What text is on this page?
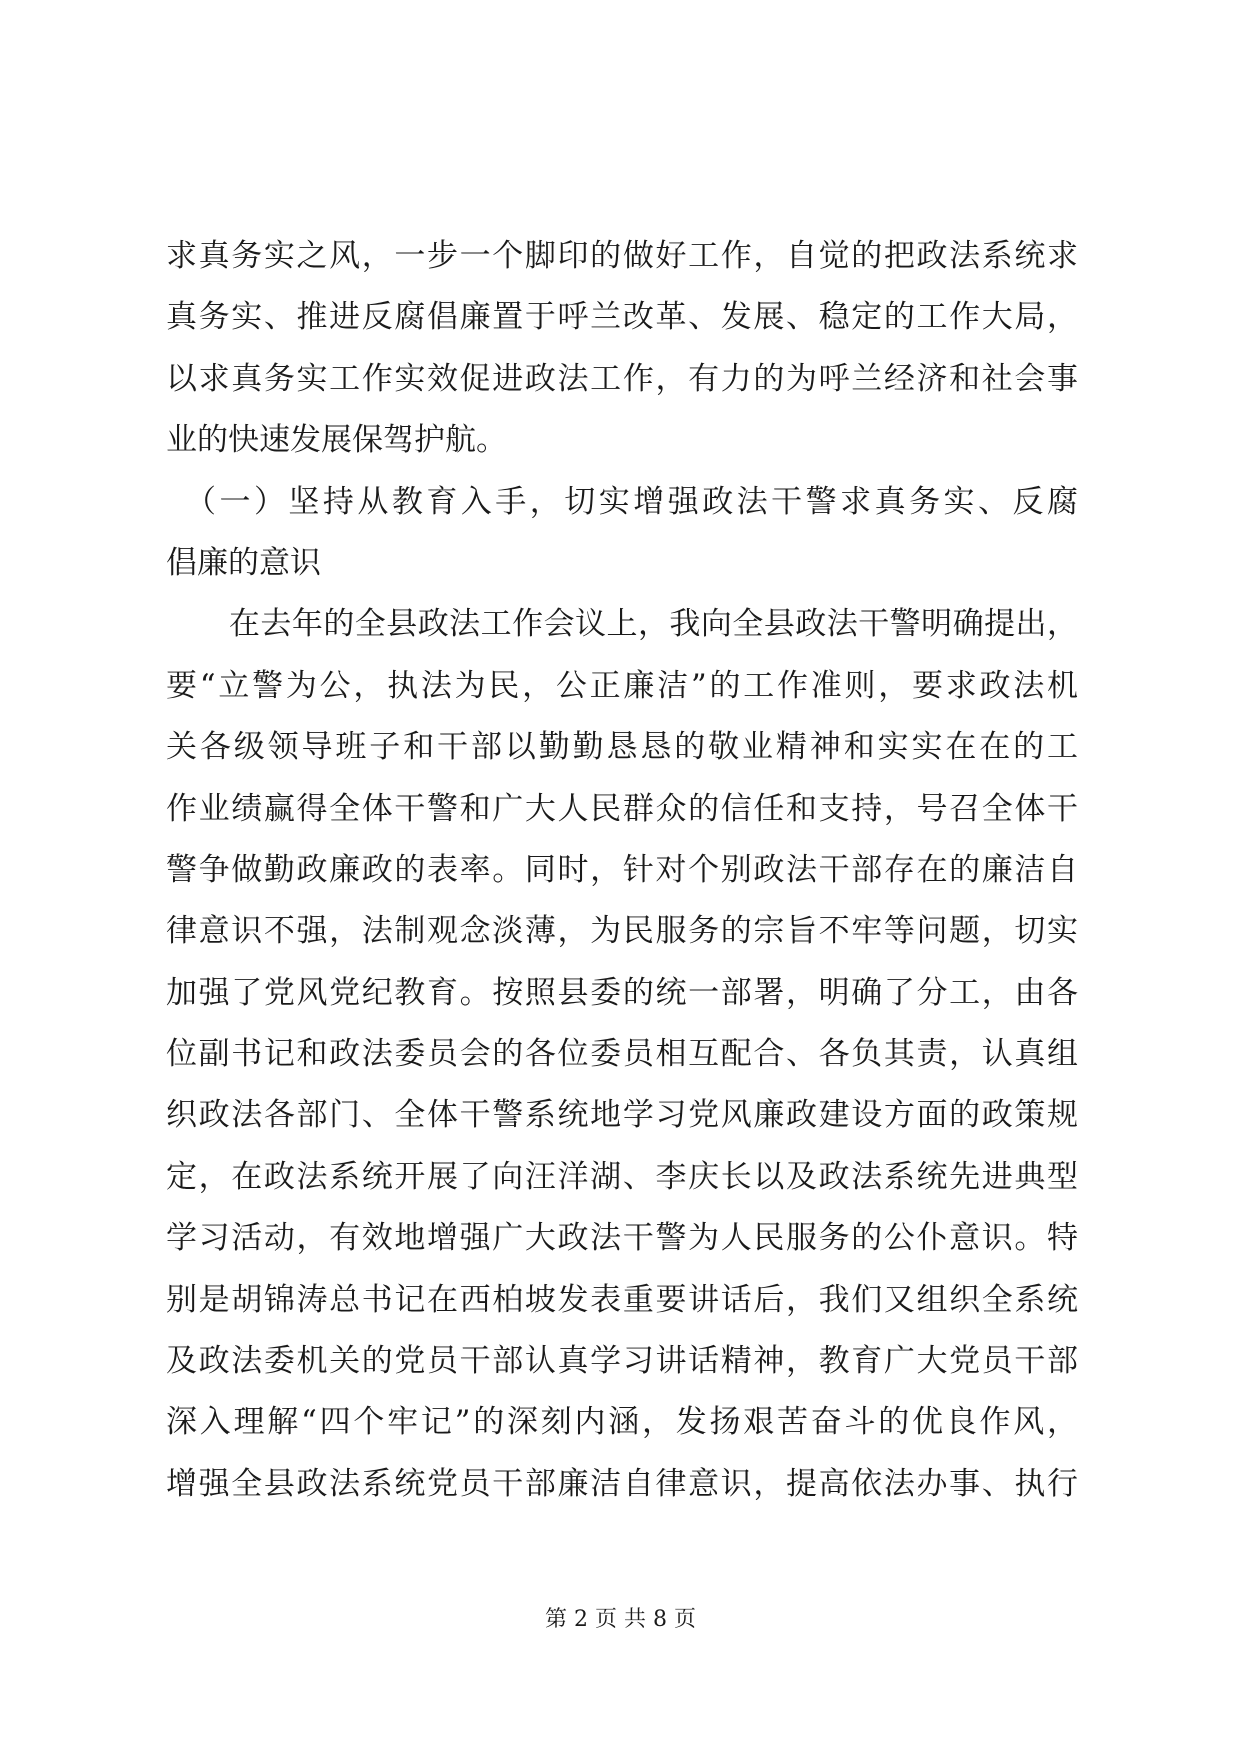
求真务实之风，一步一个脚印的做好工作，自觉的把政法系统求
真务实、推进反腐倡廉置于呼兰改革、发展、稳定的工作大局，
以求真务实工作实效促进政法工作，有力的为呼兰经济和社会事
业的快速发展保驾护航。
　（一）坚持从教育入手，切实增强政法干警求真务实、反腐
倡廉的意识
　　在去年的全县政法工作会议上，我向全县政法干警明确提出，
要“立警为公，执法为民，公正廉洁”的工作准则，要求政法机
关各级领导班子和干部以勤勤恳恳的敬业精神和实实在在的工
作业绩赢得全体干警和广大人民群众的信任和支持，号召全体干
警争做勤政廉政的表率。同时，针对个别政法干部存在的廉洁自
律意识不强，法制观念淡薄，为民服务的宗旨不牢等问题，切实
加强了党风党纪教育。按照县委的统一部署，明确了分工，由各
位副书记和政法委员会的各位委员相互配合、各负其责，认真组
织政法各部门、全体干警系统地学习党风廉政建设方面的政策规
定，在政法系统开展了向汪洋湖、李庆长以及政法系统先进典型
学习活动，有效地增强广大政法干警为人民服务的公仆意识。特
别是胡锦涛总书记在西柏坡发表重要讲话后，我们又组织全系统
及政法委机关的党员干部认真学习讲话精神，教育广大党员干部
深入理解“四个牢记”的深刻内涵，发扬艰苦奋斗的优良作风，
增强全县政法系统党员干部廉洁自律意识，提高依法办事、执行
第 2 页 共 8 页
